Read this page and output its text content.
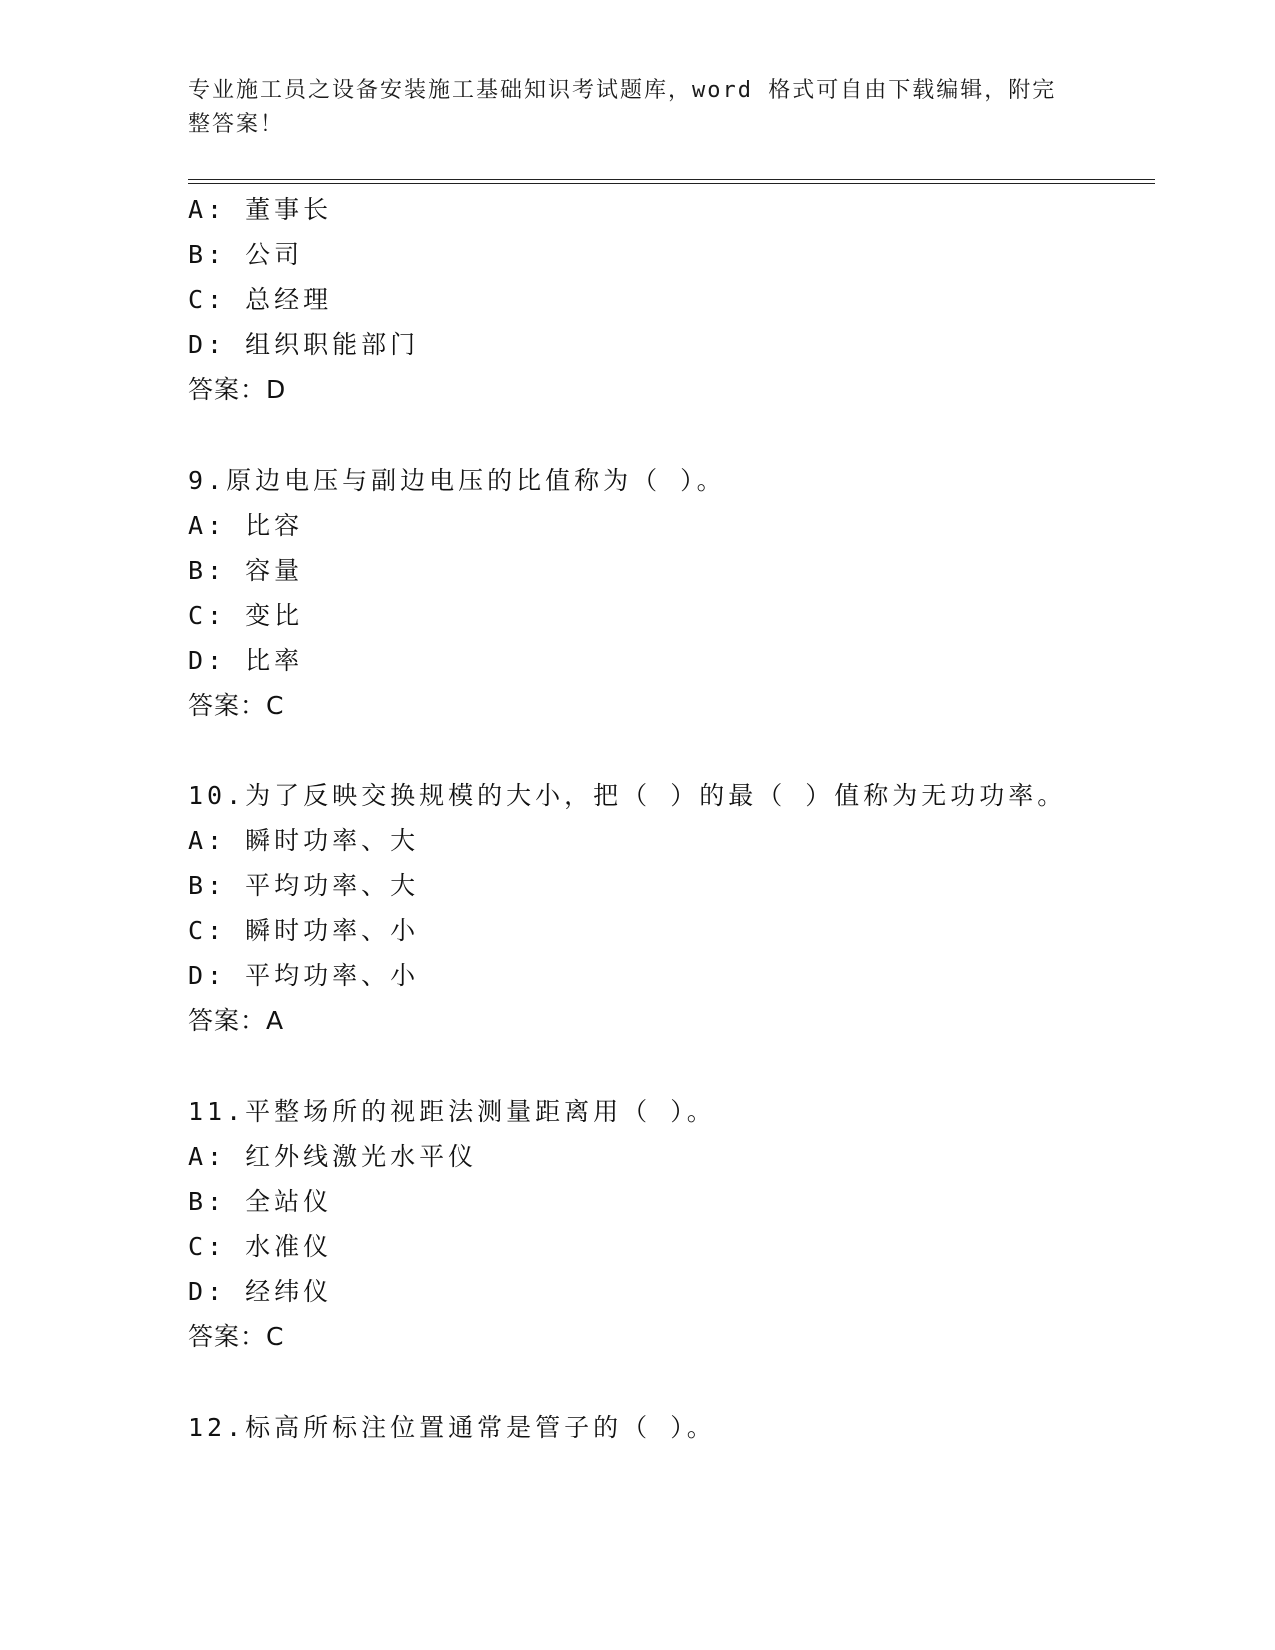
专业施工员之设备安装施工基础知识考试题库，word 格式可自由下载编辑，附完
整答案！
A: 董事长
B: 公司
C: 总经理
D: 组织职能部门
答案：D
9.原边电压与副边电压的比值称为（ ）。
A: 比容
B: 容量
C: 变比
D: 比率
答案：C
10.为了反映交换规模的大小，把（ ）的最（ ）值称为无功功率。
A: 瞬时功率、大
B: 平均功率、大
C: 瞬时功率、小
D: 平均功率、小
答案：A
11.平整场所的视距法测量距离用（ ）。
A: 红外线激光水平仪
B: 全站仪
C: 水准仪
D: 经纬仪
答案：C
12.标高所标注位置通常是管子的（ ）。
